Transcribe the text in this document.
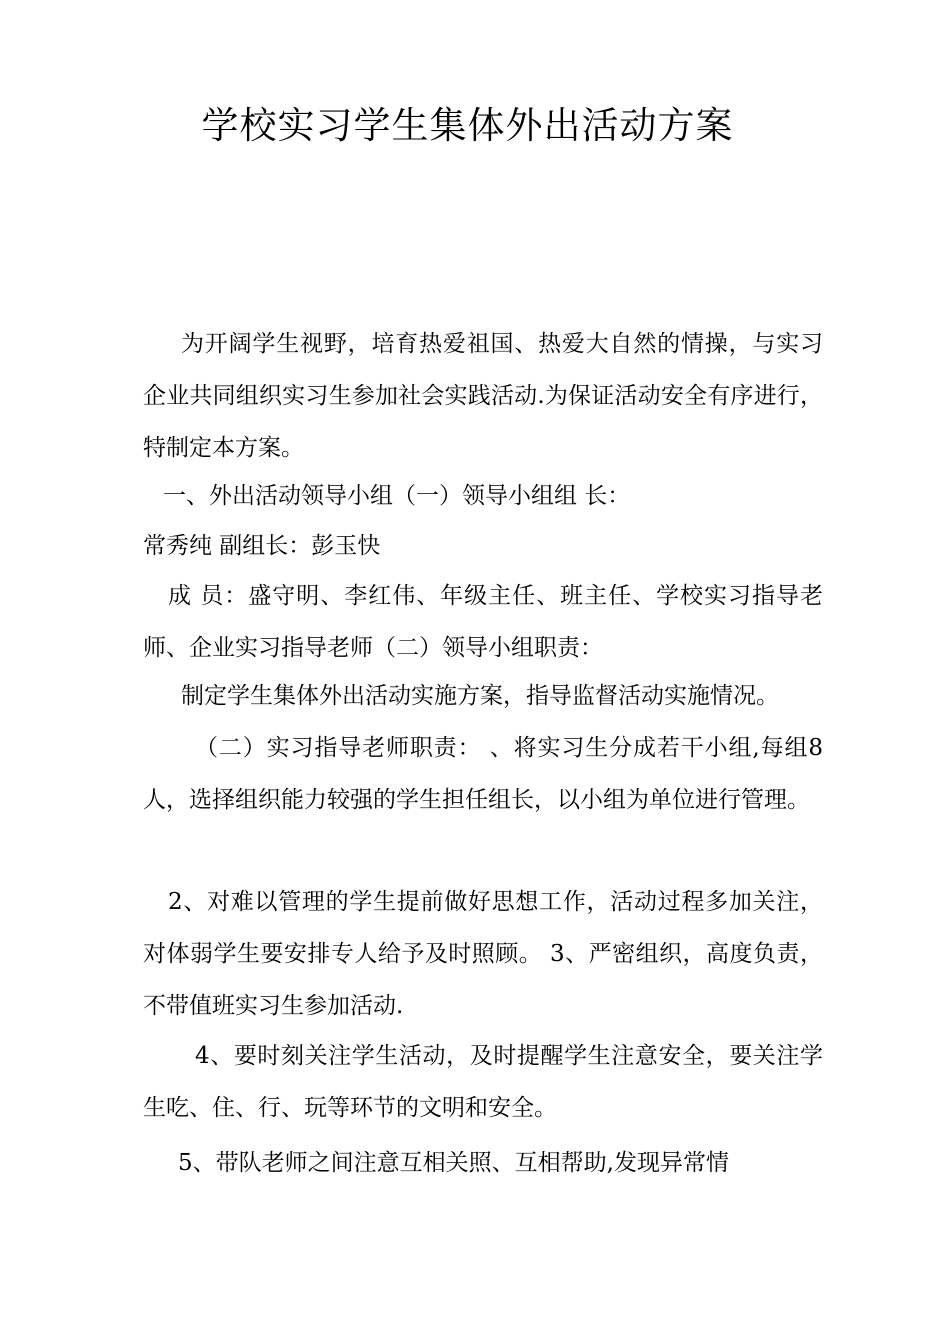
学校实习学生集体外出活动方案

为开阔学生视野，培育热爱祖国、热爱大自然的情操，与实习企业共同组织实习生参加社会实践活动.为保证活动安全有序进行，特制定本方案。

一、外出活动领导小组（一）领导小组组 长：

常秀纯 副组长：彭玉快

成 员：盛守明、李红伟、年级主任、班主任、学校实习指导老师、企业实习指导老师（二）领导小组职责：

制定学生集体外出活动实施方案，指导监督活动实施情况。

（二）实习指导老师职责： 、将实习生分成若干小组,每组8人，选择组织能力较强的学生担任组长，以小组为单位进行管理。

2、对难以管理的学生提前做好思想工作，活动过程多加关注，对体弱学生要安排专人给予及时照顾。 3、严密组织，高度负责，不带值班实习生参加活动.

4、要时刻关注学生活动，及时提醒学生注意安全，要关注学生吃、住、行、玩等环节的文明和安全。

5、带队老师之间注意互相关照、互相帮助,发现异常情
